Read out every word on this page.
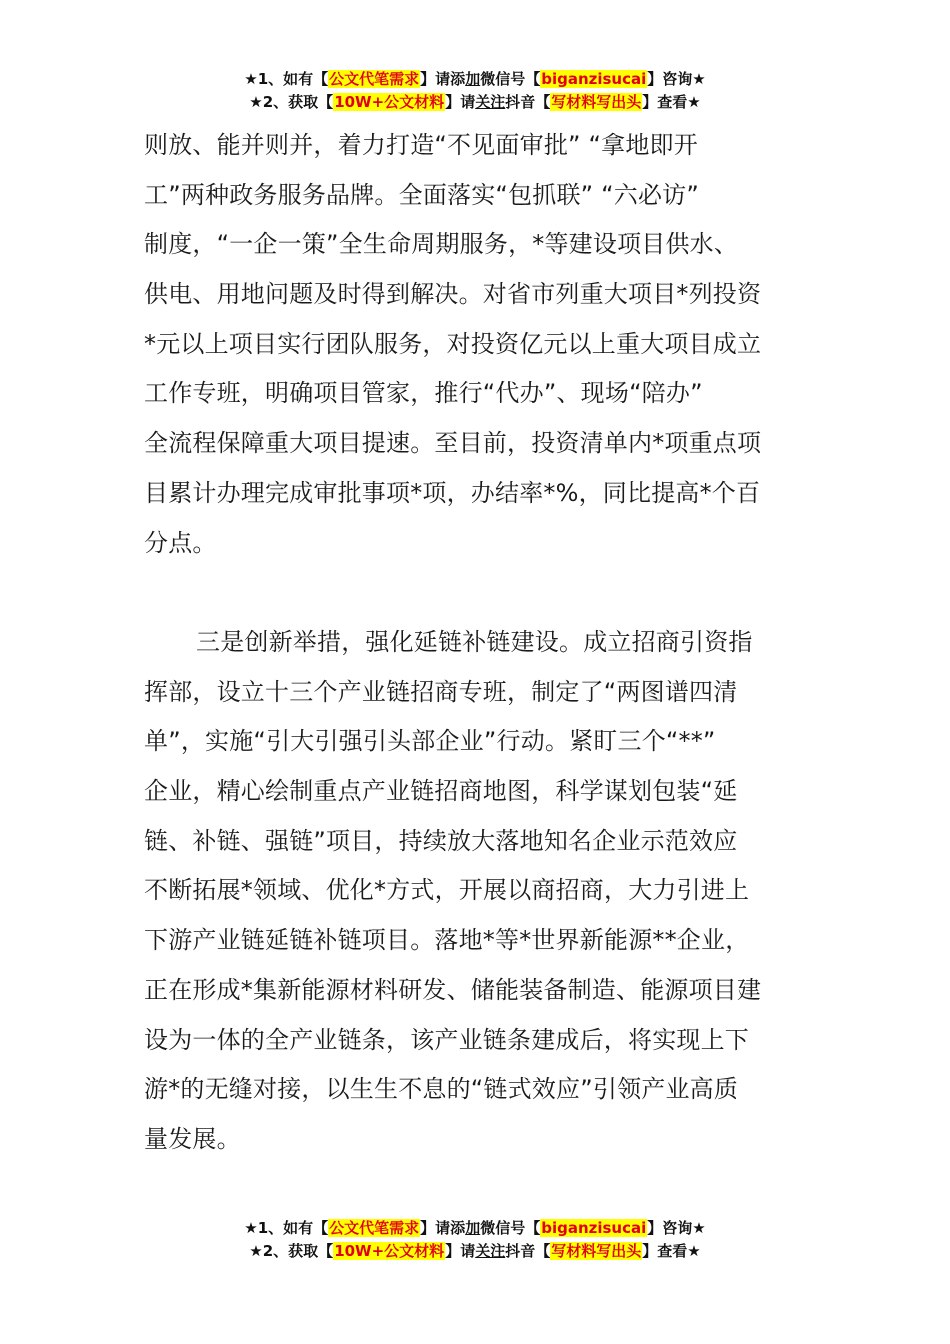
★1、如有【公文代笔需求】请添加微信号【biganzisucai】咨询★
★2、获取【10W+公文材料】请关注抖音【写材料写出头】查看★
则放、能并则并，着力打造“不见面审批” “拿地即开
工”两种政务服务品牌。全面落实“包抓联” “六必访”
制度，“一企一策”全生命周期服务，*等建设项目供水、
供电、用地问题及时得到解决。对省市列重大项目*列投资
*元以上项目实行团队服务，对投资亿元以上重大项目成立
工作专班，明确项目管家，推行“代办”、现场“陪办”
全流程保障重大项目提速。至目前，投资清单内*项重点项
目累计办理完成审批事项*项，办结率*%，同比提高*个百
分点。
三是创新举措，强化延链补链建设。成立招商引资指
挥部，设立十三个产业链招商专班，制定了“两图谱四清
单”，实施“引大引强引头部企业”行动。紧盯三个“**”
企业，精心绘制重点产业链招商地图，科学谋划包装“延
链、补链、强链”项目，持续放大落地知名企业示范效应
不断拓展*领域、优化*方式，开展以商招商，大力引进上
下游产业链延链补链项目。落地*等*世界新能源**企业，
正在形成*集新能源材料研发、储能装备制造、能源项目建
设为一体的全产业链条，该产业链条建成后，将实现上下
游*的无缝对接，以生生不息的“链式效应”引领产业高质
量发展。
★1、如有【公文代笔需求】请添加微信号【biganzisucai】咨询★
★2、获取【10W+公文材料】请关注抖音【写材料写出头】查看★
